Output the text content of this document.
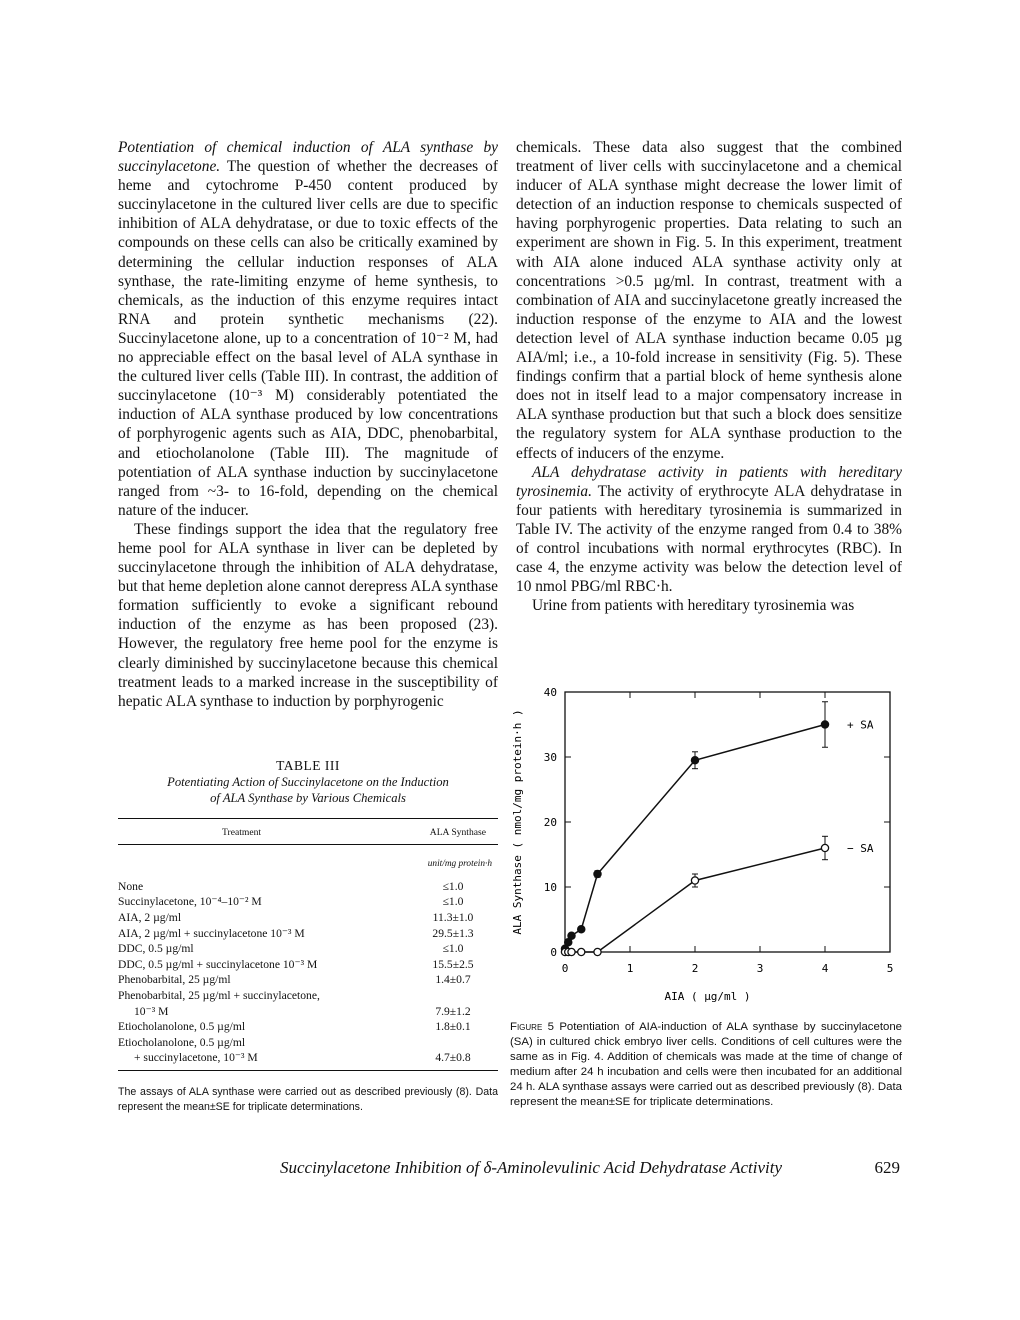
Potentiation of chemical induction of ALA synthase by succinylacetone. The question of whether the decreases of heme and cytochrome P-450 content produced by succinylacetone in the cultured liver cells are due to specific inhibition of ALA dehydratase, or due to toxic effects of the compounds on these cells can also be critically examined by determining the cellular induction responses of ALA synthase, the rate-limiting enzyme of heme synthesis, to chemicals, as the induction of this enzyme requires intact RNA and protein synthetic mechanisms (22). Succinylacetone alone, up to a concentration of 10⁻² M, had no appreciable effect on the basal level of ALA synthase in the cultured liver cells (Table III). In contrast, the addition of succinylacetone (10⁻³ M) considerably potentiated the induction of ALA synthase produced by low concentrations of porphyrogenic agents such as AIA, DDC, phenobarbital, and etiocholanolone (Table III). The magnitude of potentiation of ALA synthase induction by succinylacetone ranged from ~3- to 16-fold, depending on the chemical nature of the inducer.

These findings support the idea that the regulatory free heme pool for ALA synthase in liver can be depleted by succinylacetone through the inhibition of ALA dehydratase, but that heme depletion alone cannot derepress ALA synthase formation sufficiently to evoke a significant rebound induction of the enzyme as has been proposed (23). However, the regulatory free heme pool for the enzyme is clearly diminished by succinylacetone because this chemical treatment leads to a marked increase in the susceptibility of hepatic ALA synthase to induction by porphyrogenic

chemicals. These data also suggest that the combined treatment of liver cells with succinylacetone and a chemical inducer of ALA synthase might decrease the lower limit of detection of an induction response to chemicals suspected of having porphyrogenic properties. Data relating to such an experiment are shown in Fig. 5. In this experiment, treatment with AIA alone induced ALA synthase activity only at concentrations >0.5 µg/ml. In contrast, treatment with a combination of AIA and succinylacetone greatly increased the induction response of the enzyme to AIA and the lowest detection level of ALA synthase induction became 0.05 µg AIA/ml; i.e., a 10-fold increase in sensitivity (Fig. 5). These findings confirm that a partial block of heme synthesis alone does not in itself lead to a major compensatory increase in ALA synthase production but that such a block does sensitize the regulatory system for ALA synthase production to the effects of inducers of the enzyme.

ALA dehydratase activity in patients with hereditary tyrosinemia. The activity of erythrocyte ALA dehydratase in four patients with hereditary tyrosinemia is summarized in Table IV. The activity of the enzyme ranged from 0.4 to 38% of control incubations with normal erythrocytes (RBC). In case 4, the enzyme activity was below the detection level of 10 nmol PBG/ml RBC·h.

Urine from patients with hereditary tyrosinemia was

TABLE III
Potentiating Action of Succinylacetone on the Induction
of ALA Synthase by Various Chemicals
Treatment	ALA Synthase
unit/mg protein·h
None	≤1.0
Succinylacetone, 10⁻⁴–10⁻² M	≤1.0
AIA, 2 µg/ml	11.3±1.0
AIA, 2 µg/ml + succinylacetone 10⁻³ M	29.5±1.3
DDC, 0.5 µg/ml	≤1.0
DDC, 0.5 µg/ml + succinylacetone 10⁻³ M	15.5±2.5
Phenobarbital, 25 µg/ml	1.4±0.7
Phenobarbital, 25 µg/ml + succinylacetone,
10⁻³ M	7.9±1.2
Etiocholanolone, 0.5 µg/ml	1.8±0.1
Etiocholanolone, 0.5 µg/ml
+ succinylacetone, 10⁻³ M	4.7±0.8
The assays of ALA synthase were carried out as described previously (8). Data represent the mean±SE for triplicate determinations.
0	1	2	3	4	5
0
10
20
30
40
AIA ( µg/ml )
ALA Synthase ( nmol/mg protein·h )	+ SA
− SA
Figure 5 Potentiation of AIA-induction of ALA synthase by succinylacetone (SA) in cultured chick embryo liver cells. Conditions of cell cultures were the same as in Fig. 4. Addition of chemicals was made at the time of change of medium after 24 h incubation and cells were then incubated for an additional 24 h. ALA synthase assays were carried out as described previously (8). Data represent the mean±SE for triplicate determinations.
Succinylacetone Inhibition of δ-Aminolevulinic Acid Dehydratase Activity	629
